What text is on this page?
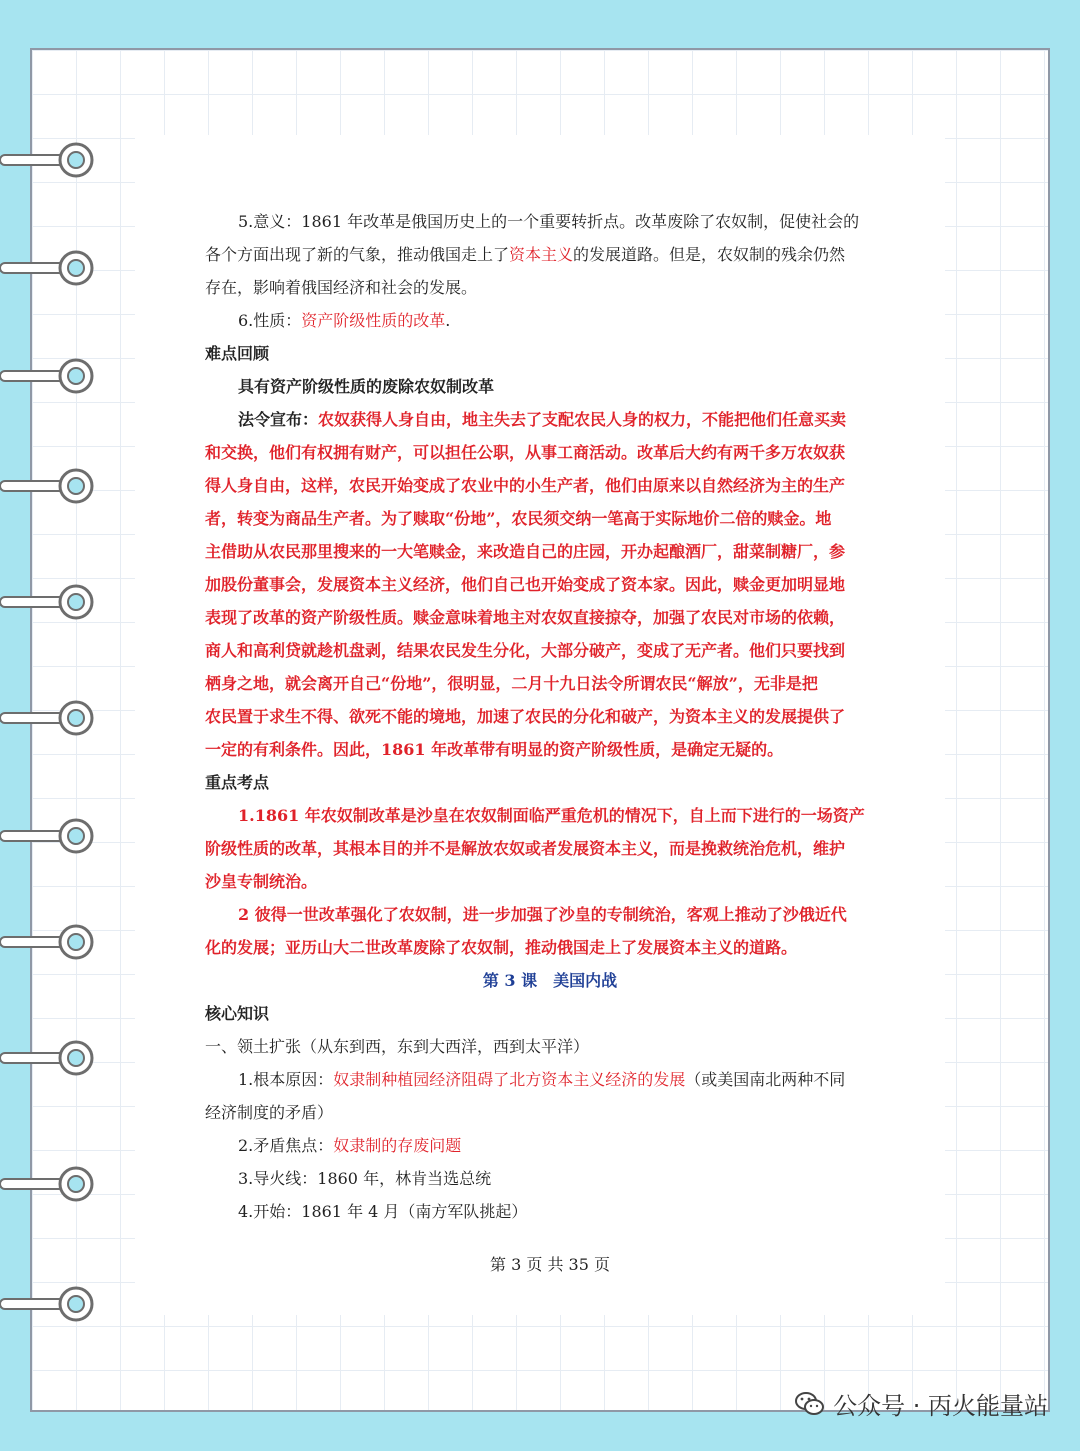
5.意义：1861 年改革是俄国历史上的一个重要转折点。改革废除了农奴制，促使社会的
各个方面出现了新的气象，推动俄国走上了资本主义的发展道路。但是，农奴制的残余仍然
存在，影响着俄国经济和社会的发展。
6.性质：资产阶级性质的改革.
难点回顾
具有资产阶级性质的废除农奴制改革
法令宣布：农奴获得人身自由，地主失去了支配农民人身的权力，不能把他们任意买卖
和交换，他们有权拥有财产，可以担任公职，从事工商活动。改革后大约有两千多万农奴获
得人身自由，这样，农民开始变成了农业中的小生产者，他们由原来以自然经济为主的生产
者，转变为商品生产者。为了赎取“份地”，农民须交纳一笔高于实际地价二倍的赎金。地
主借助从农民那里搜来的一大笔赎金，来改造自己的庄园，开办起酿酒厂，甜菜制糖厂，参
加股份董事会，发展资本主义经济，他们自己也开始变成了资本家。因此，赎金更加明显地
表现了改革的资产阶级性质。赎金意味着地主对农奴直接掠夺，加强了农民对市场的依赖，
商人和高利贷就趁机盘剥，结果农民发生分化，大部分破产，变成了无产者。他们只要找到
栖身之地，就会离开自己“份地”，很明显，二月十九日法令所谓农民“解放”，无非是把
农民置于求生不得、欲死不能的境地，加速了农民的分化和破产，为资本主义的发展提供了
一定的有利条件。因此，1861 年改革带有明显的资产阶级性质，是确定无疑的。
重点考点
1.1861 年农奴制改革是沙皇在农奴制面临严重危机的情况下，自上而下进行的一场资产
阶级性质的改革，其根本目的并不是解放农奴或者发展资本主义，而是挽救统治危机，维护
沙皇专制统治。
2 彼得一世改革强化了农奴制，进一步加强了沙皇的专制统治，客观上推动了沙俄近代
化的发展；亚历山大二世改革废除了农奴制，推动俄国走上了发展资本主义的道路。
第 3 课　美国内战
核心知识
一、领土扩张（从东到西，东到大西洋，西到太平洋）
1.根本原因：奴隶制种植园经济阻碍了北方资本主义经济的发展（或美国南北两种不同
经济制度的矛盾）
2.矛盾焦点：奴隶制的存废问题
3.导火线：1860 年，林肯当选总统
4.开始：1861 年 4 月（南方军队挑起）
第 3 页 共 35 页
公众号 · 丙火能量站
